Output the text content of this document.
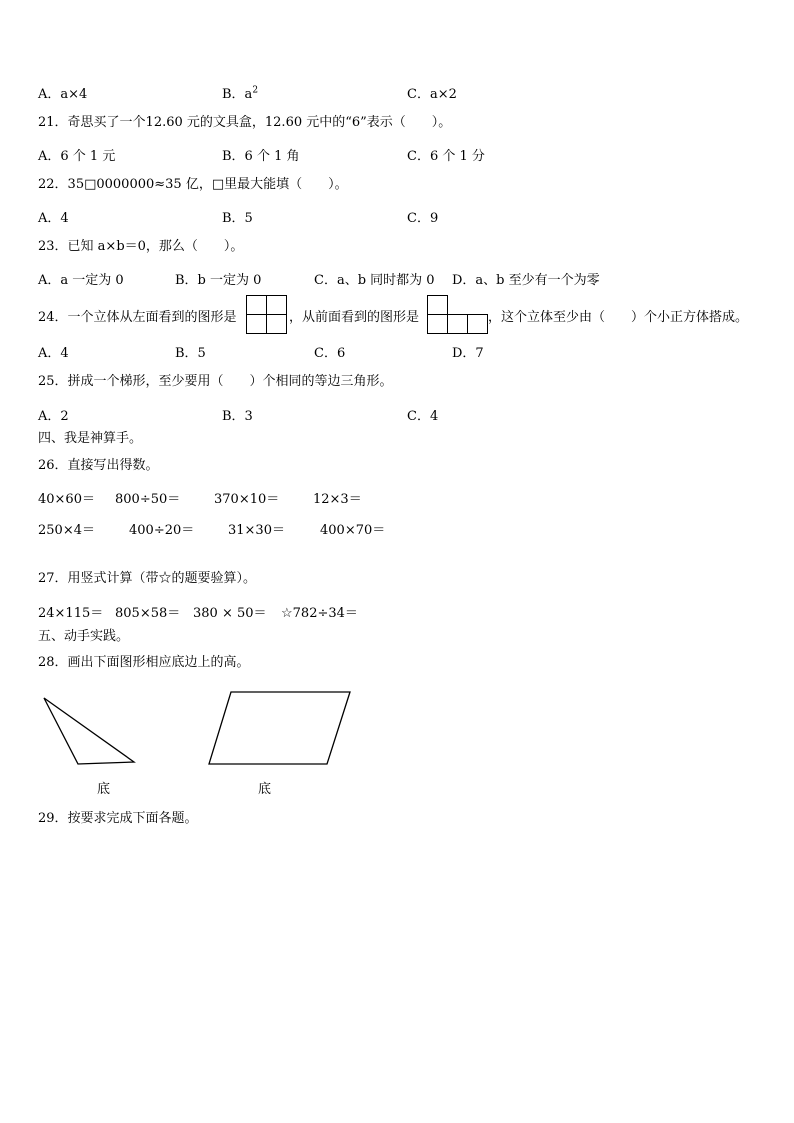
A．a×4	B．$a^2$	C．a×2
21．奇思买了一个12.60 元的文具盒，12.60 元中的“6”表示（　　）。
A．6 个 1 元	B．6 个 1 角	C．6 个 1 分
22．35□0000000≈35 亿，□里最大能填（　　）。
A．4	B．5	C．9
23．已知 a×b＝0，那么（　　）。
A．a 一定为 0	B．b 一定为 0	C．a、b 同时都为 0 D．a、b 至少有一个为零
24．一个立体从左面看到的图形是	，从前面看到的图形是	，这个立体至少由（　　）个小正方体搭成。
A．4	B．5	C．6	D．7
25．拼成一个梯形，至少要用（　　）个相同的等边三角形。
A．2	B．3	C．4
四、我是神算手。
26．直接写出得数。
40×60＝ 800÷50＝	370×10＝	12×3＝
250×4＝	400÷20＝	31×30＝	400×70＝
27．用竖式计算（带☆的题要验算）。
24×115＝ 805×58＝ 380 × 50＝ ☆782÷34＝
五、动手实践。
28．画出下面图形相应底边上的高。
底	底
29．按要求完成下面各题。
